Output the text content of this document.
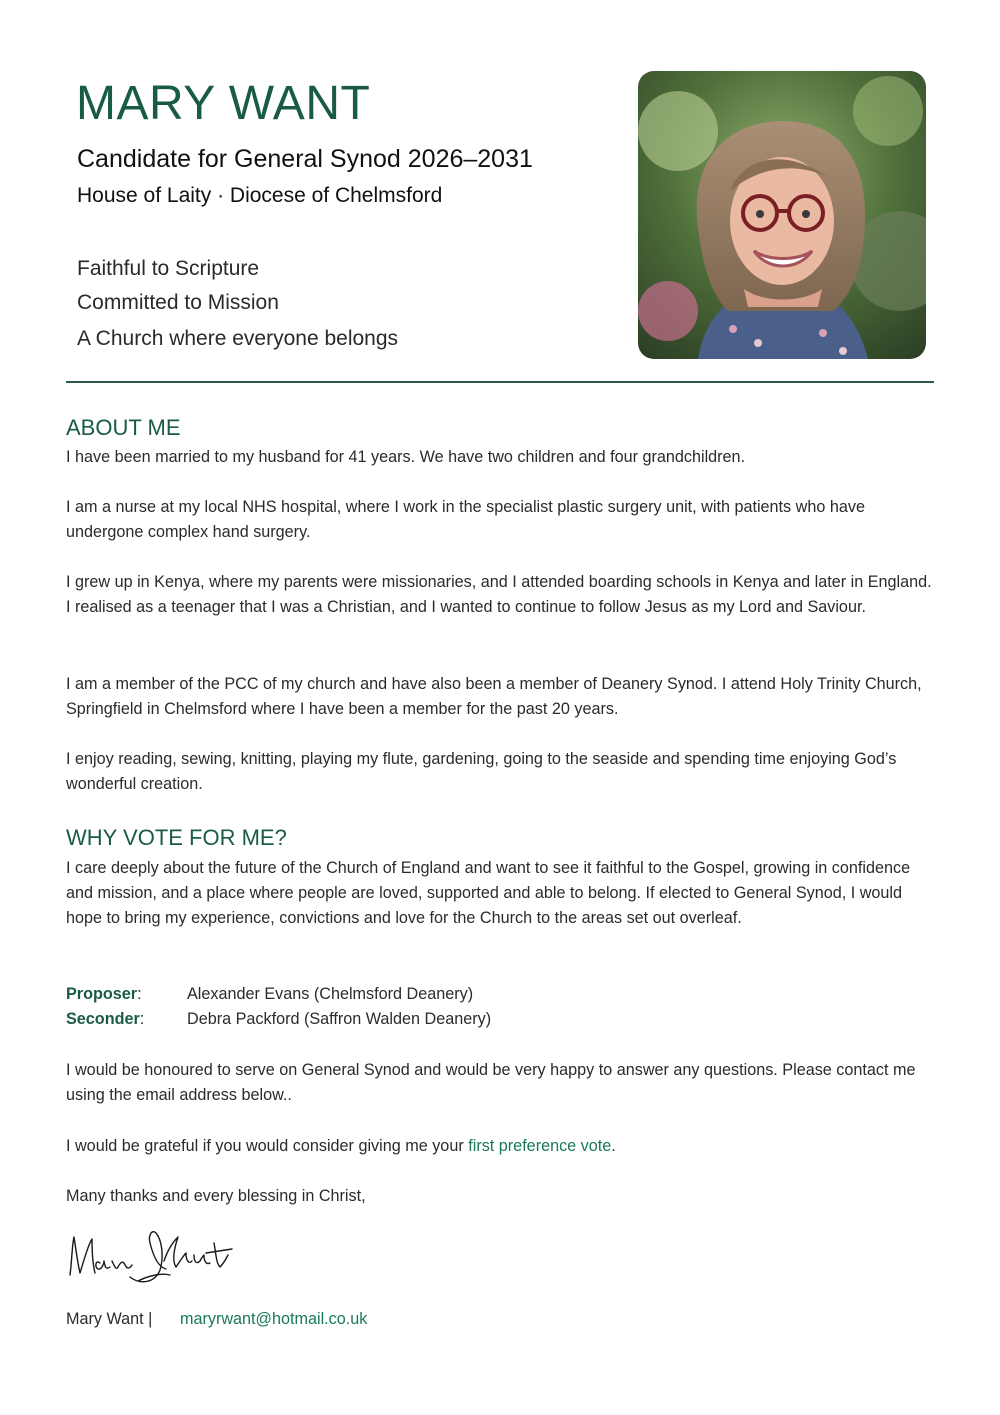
MARY WANT
Candidate for General Synod 2026–2031
House of Laity · Diocese of Chelmsford
Faithful to Scripture
Committed to Mission
A Church where everyone belongs
ABOUT ME

I have been married to my husband for 41 years. We have two children and four grandchildren.

I am a nurse at my local NHS hospital, where I work in the specialist plastic surgery unit, with patients who have undergone complex hand surgery.

I grew up in Kenya, where my parents were missionaries, and I attended boarding schools in Kenya and later in England. I realised as a teenager that I was a Christian, and I wanted to continue to follow Jesus as my Lord and Saviour.

I am a member of the PCC of my church and have also been a member of Deanery Synod. I attend Holy Trinity Church, Springfield in Chelmsford where I have been a member for the past 20 years.

I enjoy reading, sewing, knitting, playing my flute, gardening, going to the seaside and spending time enjoying God’s wonderful creation.

WHY VOTE FOR ME?

I care deeply about the future of the Church of England and want to see it faithful to the Gospel, growing in confidence and mission, and a place where people are loved, supported and able to belong. If elected to General Synod, I would hope to bring my experience, convictions and love for the Church to the areas set out overleaf.

Proposer:	Alexander Evans (Chelmsford Deanery)
Seconder:	Debra Packford (Saffron Walden Deanery)

I would be honoured to serve on General Synod and would be very happy to answer any questions. Please contact me using the email address below..

I would be grateful if you would consider giving me your first preference vote.

Many thanks and every blessing in Christ,

Mary Want | maryrwant@hotmail.co.uk
